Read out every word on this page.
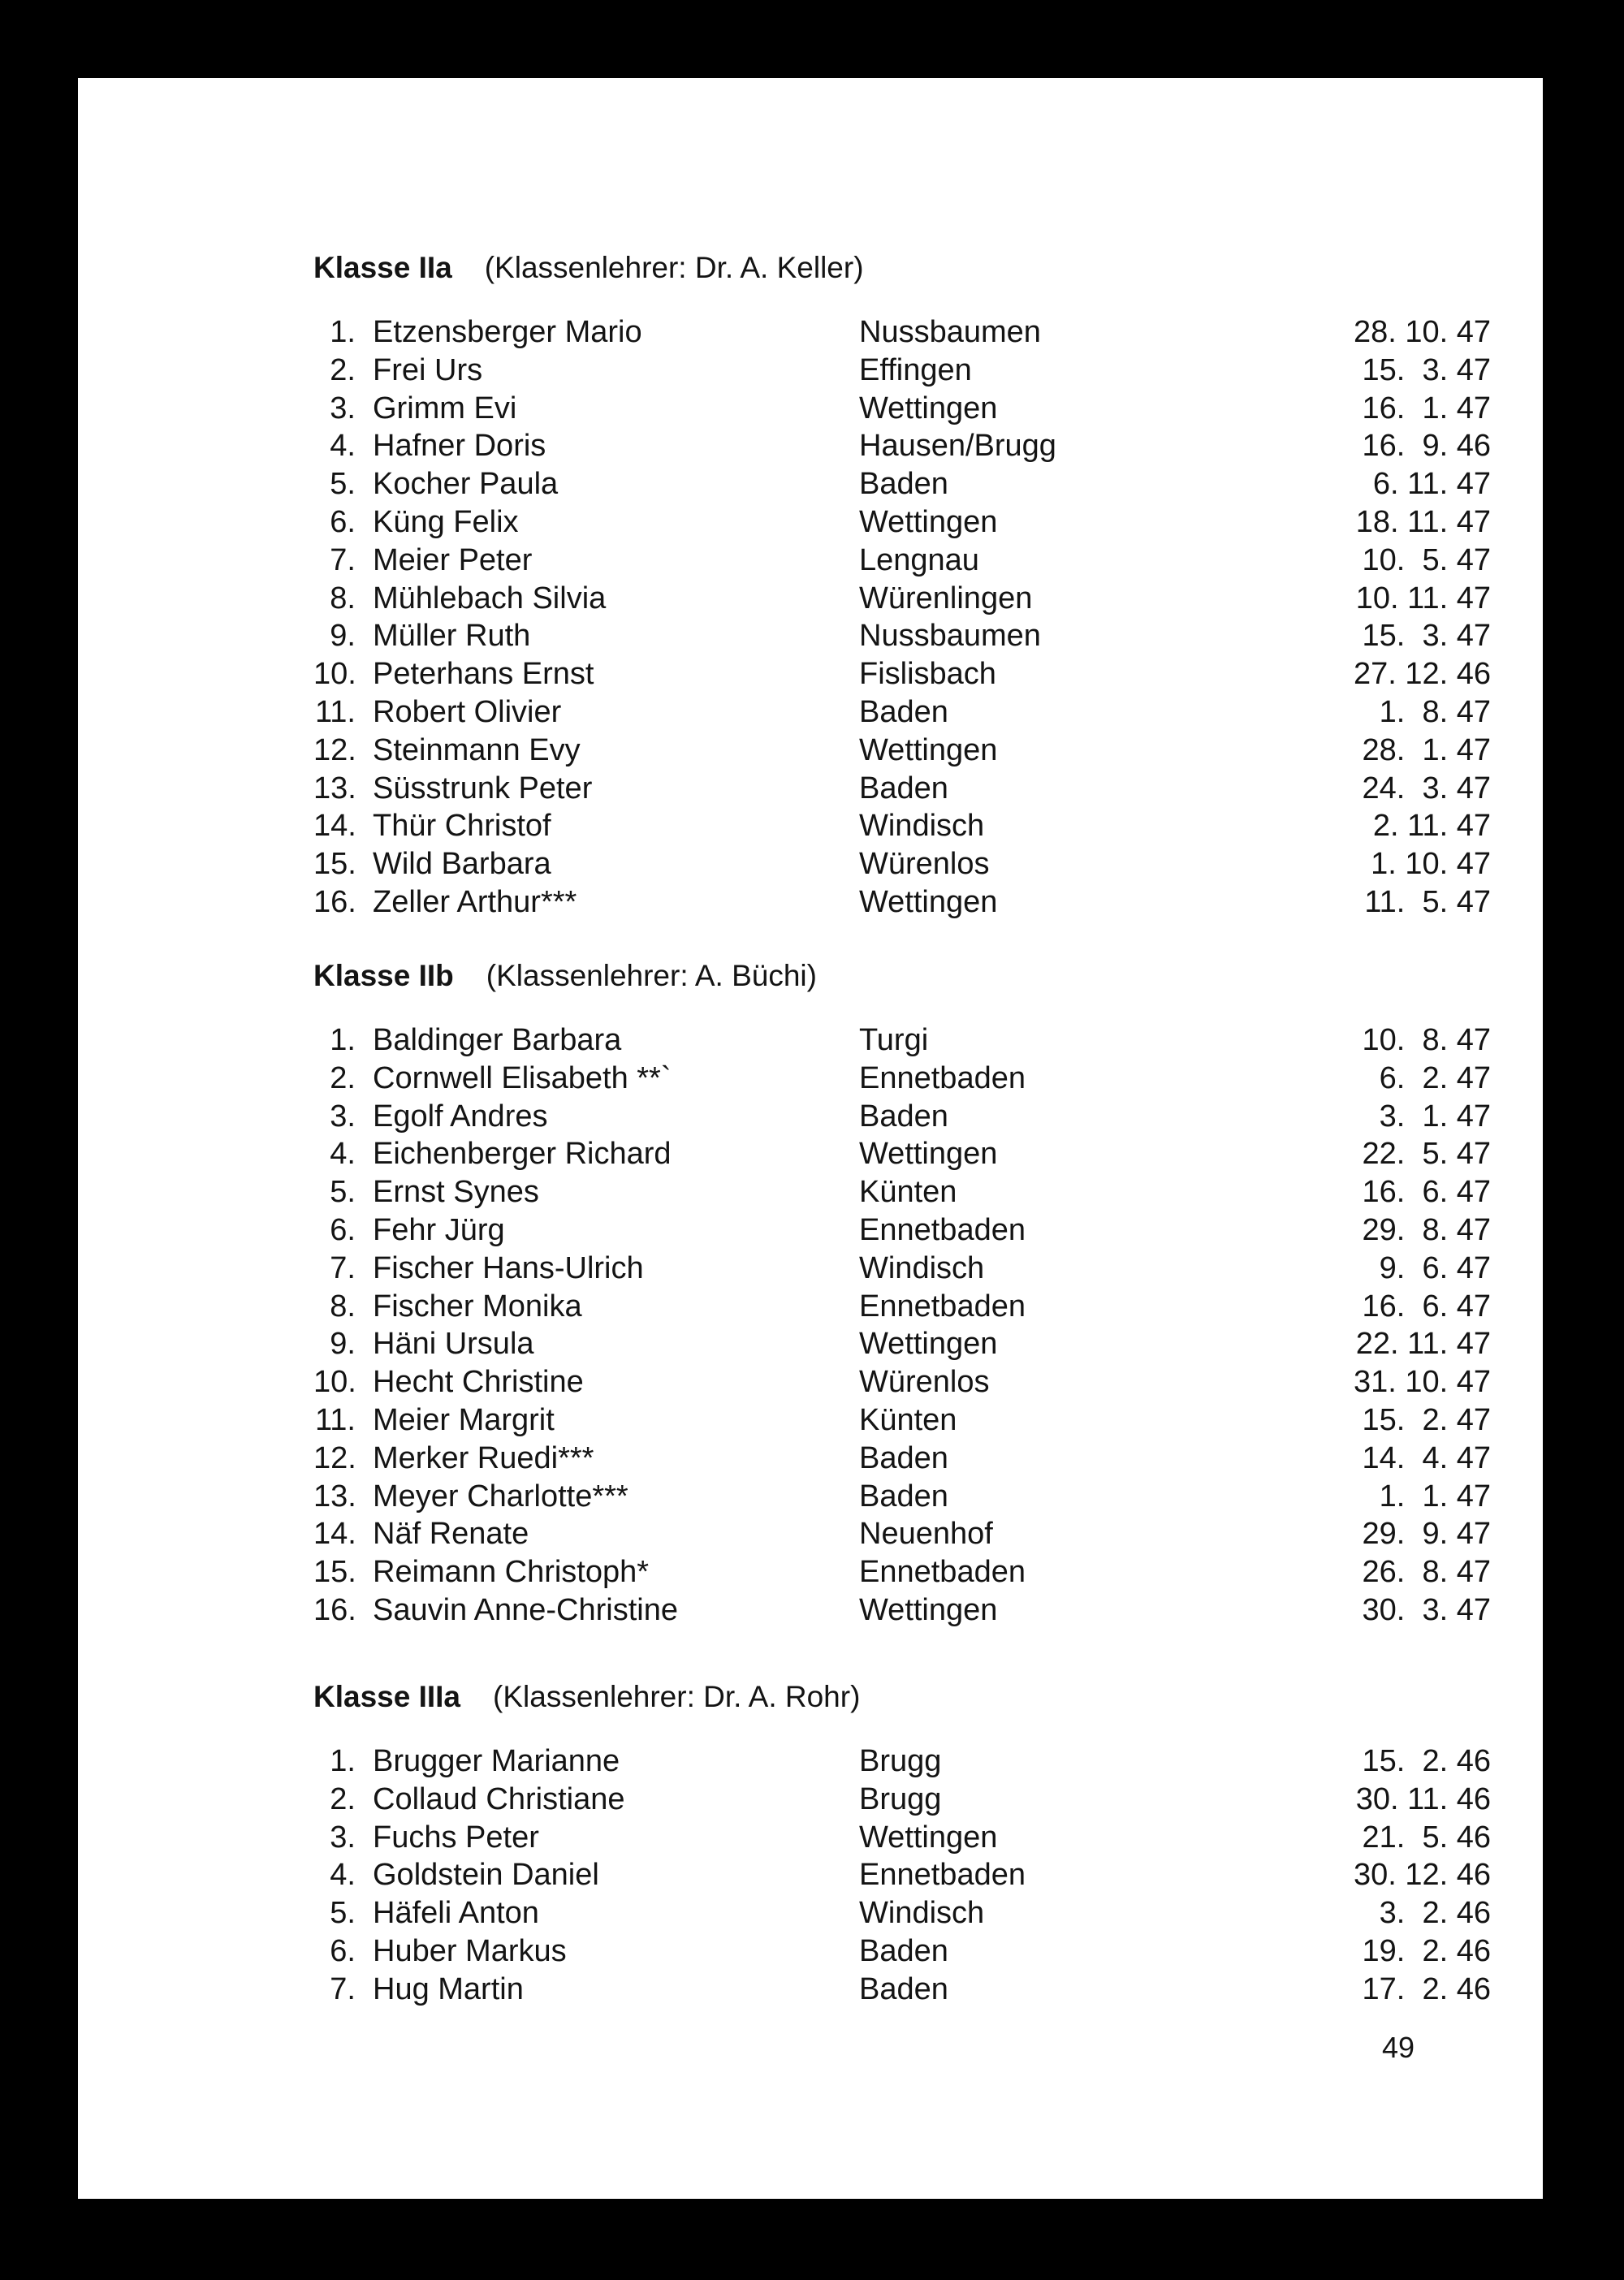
Klasse IIa (Klassenlehrer: Dr. A. Keller)
1. Etzensberger Mario	Nussbaumen	28. 10. 47
2. Frei Urs	Effingen	15.  3. 47
3. Grimm Evi	Wettingen	16.  1. 47
4. Hafner Doris	Hausen/Brugg	16.  9. 46
5. Kocher Paula	Baden	6. 11. 47
6. Küng Felix	Wettingen	18. 11. 47
7. Meier Peter	Lengnau	10.  5. 47
8. Mühlebach Silvia	Würenlingen	10. 11. 47
9. Müller Ruth	Nussbaumen	15.  3. 47
10. Peterhans Ernst	Fislisbach	27. 12. 46
11. Robert Olivier	Baden	1.  8. 47
12. Steinmann Evy	Wettingen	28.  1. 47
13. Süsstrunk Peter	Baden	24.  3. 47
14. Thür Christof	Windisch	2. 11. 47
15. Wild Barbara	Würenlos	1. 10. 47
16. Zeller Arthur***	Wettingen	11.  5. 47
Klasse IIb (Klassenlehrer: A. Büchi)
1. Baldinger Barbara	Turgi	10.  8. 47
2. Cornwell Elisabeth **`	Ennetbaden	6.  2. 47
3. Egolf Andres	Baden	3.  1. 47
4. Eichenberger Richard	Wettingen	22.  5. 47
5. Ernst Synes	Künten	16.  6. 47
6. Fehr Jürg	Ennetbaden	29.  8. 47
7. Fischer Hans-Ulrich	Windisch	9.  6. 47
8. Fischer Monika	Ennetbaden	16.  6. 47
9. Häni Ursula	Wettingen	22. 11. 47
10. Hecht Christine	Würenlos	31. 10. 47
11. Meier Margrit	Künten	15.  2. 47
12. Merker Ruedi***	Baden	14.  4. 47
13. Meyer Charlotte***	Baden	1.  1. 47
14. Näf Renate	Neuenhof	29.  9. 47
15. Reimann Christoph*	Ennetbaden	26.  8. 47
16. Sauvin Anne-Christine	Wettingen	30.  3. 47
Klasse IIIa (Klassenlehrer: Dr. A. Rohr)
1. Brugger Marianne	Brugg	15.  2. 46
2. Collaud Christiane	Brugg	30. 11. 46
3. Fuchs Peter	Wettingen	21.  5. 46
4. Goldstein Daniel	Ennetbaden	30. 12. 46
5. Häfeli Anton	Windisch	3.  2. 46
6. Huber Markus	Baden	19.  2. 46
7. Hug Martin	Baden	17.  2. 46
49
